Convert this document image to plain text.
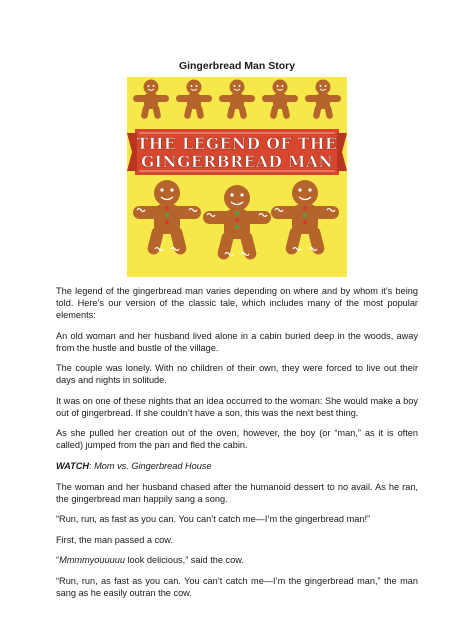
Gingerbread Man Story
THE LEGEND OF THE
GINGERBREAD MAN

The legend of the gingerbread man varies depending on where and by whom it’s being told. Here’s our version of the classic tale, which includes many of the most popular elements:

An old woman and her husband lived alone in a cabin buried deep in the woods, away from the hustle and bustle of the village.

The couple was lonely. With no children of their own, they were forced to live out their days and nights in solitude.

It was on one of these nights that an idea occurred to the woman: She would make a boy out of gingerbread. If she couldn’t have a son, this was the next best thing.

As she pulled her creation out of the oven, however, the boy (or “man,” as it is often called) jumped from the pan and fled the cabin.

WATCH: Mom vs. Gingerbread House

The woman and her husband chased after the humanoid dessert to no avail. As he ran, the gingerbread man happily sang a song.

“Run, run, as fast as you can. You can’t catch me—I’m the gingerbread man!”

First, the man passed a cow.

“Mmmmyouuuuu look delicious,” said the cow.

“Run, run, as fast as you can. You can’t catch me—I’m the gingerbread man,” the man sang as he easily outran the cow.
